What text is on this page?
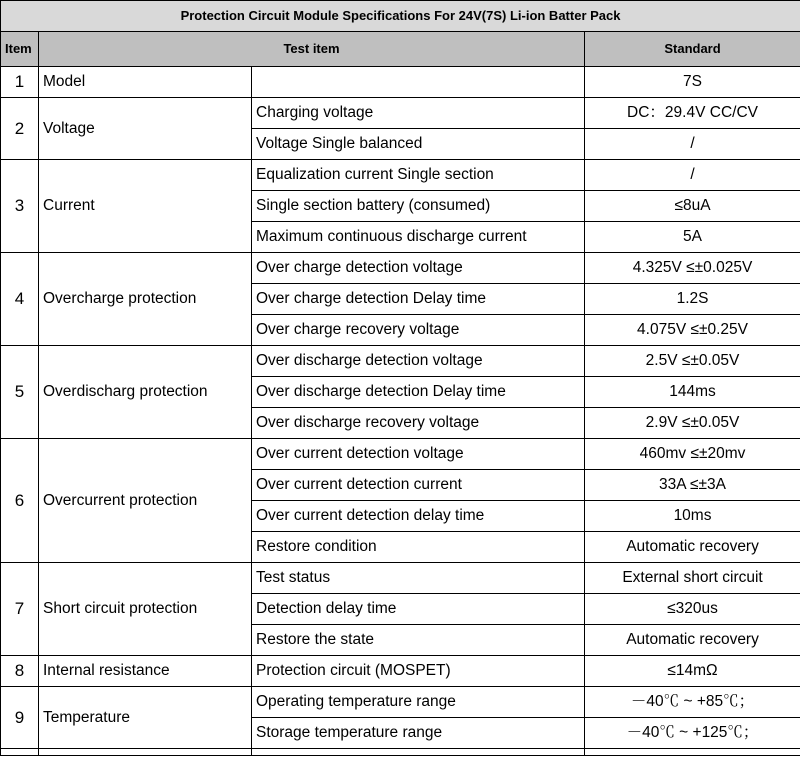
Protection Circuit Module Specifications For 24V(7S) Li-ion Batter Pack			
Item	Test item		Standard
1	Model		7S
2	Voltage	Charging voltage	DC：29.4V CC/CV
		Voltage Single balanced	/
3	Current	Equalization current Single section	/
		Single section battery (consumed)	≤8uA
		Maximum continuous discharge current	5A
4	Overcharge protection	Over charge detection voltage	4.325V ≤±0.025V
		Over charge detection Delay time	1.2S
		Over charge recovery voltage	4.075V ≤±0.25V
5	Overdischarg protection	Over discharge detection voltage	2.5V ≤±0.05V
		Over discharge detection Delay time	144ms
		Over discharge recovery voltage	2.9V ≤±0.05V
6	Overcurrent protection	Over current detection voltage	460mv ≤±20mv
		Over current detection current	33A ≤±3A
		Over current detection delay time	10ms
		Restore condition	Automatic recovery
7	Short circuit protection	Test status	External short circuit
		Detection delay time	≤320us
		Restore the state	Automatic recovery
8	Internal resistance	Protection circuit (MOSPET)	≤14mΩ
9	Temperature	Operating temperature range	－40℃ ~ +85℃；
		Storage temperature range	－40℃ ~ +125℃；
